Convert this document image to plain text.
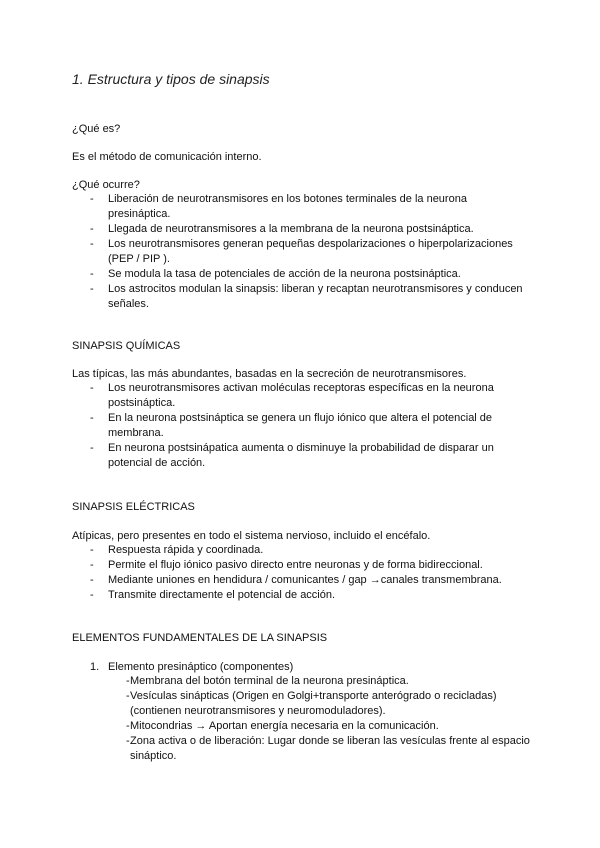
1. Estructura y tipos de sinapsis
¿Qué es?
Es el método de comunicación interno.
¿Qué ocurre?
- Liberación de neurotransmisores en los botones terminales de la neurona presináptica.
- Llegada de neurotransmisores a la membrana de la neurona postsináptica.
- Los neurotransmisores generan pequeñas despolarizaciones o hiperpolarizaciones (PEP / PIP ).
- Se modula la tasa de potenciales de acción de la neurona postsináptica.
- Los astrocitos modulan la sinapsis: liberan y recaptan neurotransmisores y conducen señales.
SINAPSIS QUÍMICAS
Las típicas, las más abundantes, basadas en la secreción de neurotransmisores.
- Los neurotransmisores activan moléculas receptoras específicas en la neurona postsináptica.
- En la neurona postsináptica se genera un flujo iónico que altera el potencial de membrana.
- En neurona postsinápatica aumenta o disminuye la probabilidad de disparar un potencial de acción.
SINAPSIS ELÉCTRICAS
Atípicas, pero presentes en todo el sistema nervioso, incluido el encéfalo.
- Respuesta rápida y coordinada.
- Permite el flujo iónico pasivo directo entre neuronas y de forma bidireccional.
- Mediante uniones en hendidura / comunicantes / gap →canales transmembrana.
- Transmite directamente el potencial de acción.
ELEMENTOS FUNDAMENTALES DE LA SINAPSIS
1. Elemento presináptico (componentes)
- Membrana del botón terminal de la neurona presináptica.
- Vesículas sinápticas (Origen en Golgi+transporte anterógrado o recicladas) (contienen neurotransmisores y neuromoduladores).
- Mitocondrias → Aportan energía necesaria en la comunicación.
- Zona activa o de liberación: Lugar donde se liberan las vesículas frente al espacio sináptico.
